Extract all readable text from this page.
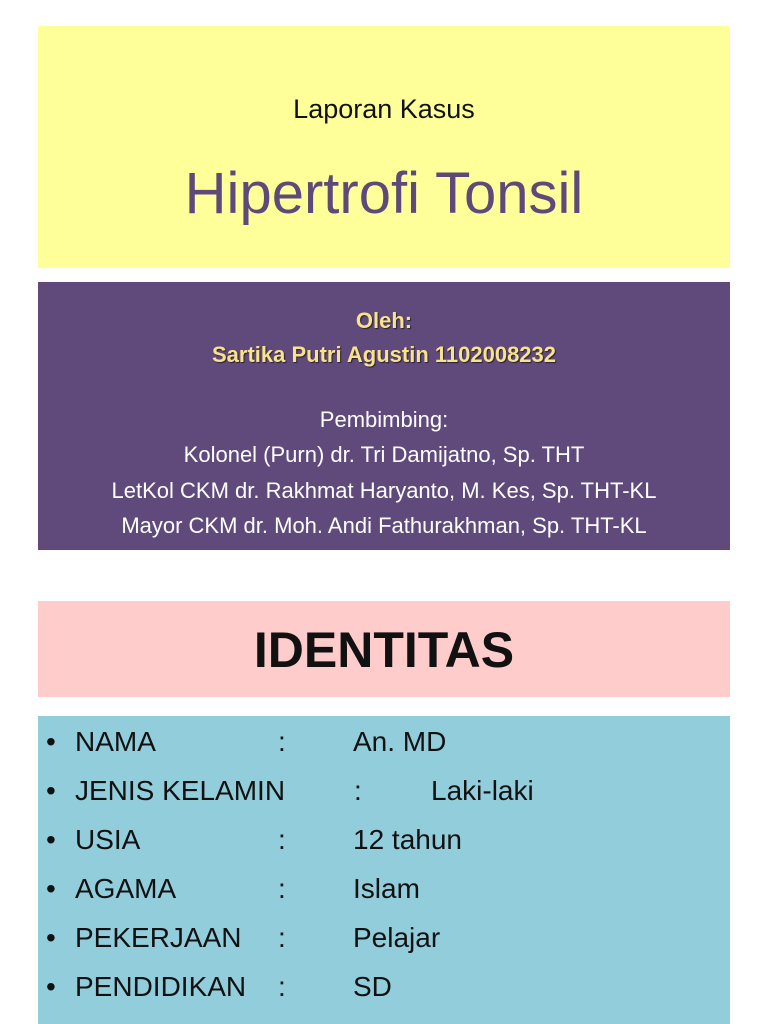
Laporan Kasus
Hipertrofi Tonsil
Oleh:
Sartika Putri Agustin 1102008232
Pembimbing:
Kolonel (Purn) dr. Tri Damijatno, Sp. THT
LetKol CKM dr. Rakhmat Haryanto, M. Kes, Sp. THT-KL
Mayor CKM dr. Moh. Andi Fathurakhman, Sp. THT-KL
IDENTITAS
• NAMA	: An. MD
• JENIS KELAMIN : Laki-laki
• USIA	: 12 tahun
• AGAMA	: Islam
• PEKERJAAN : Pelajar
• PENDIDIKAN : SD
